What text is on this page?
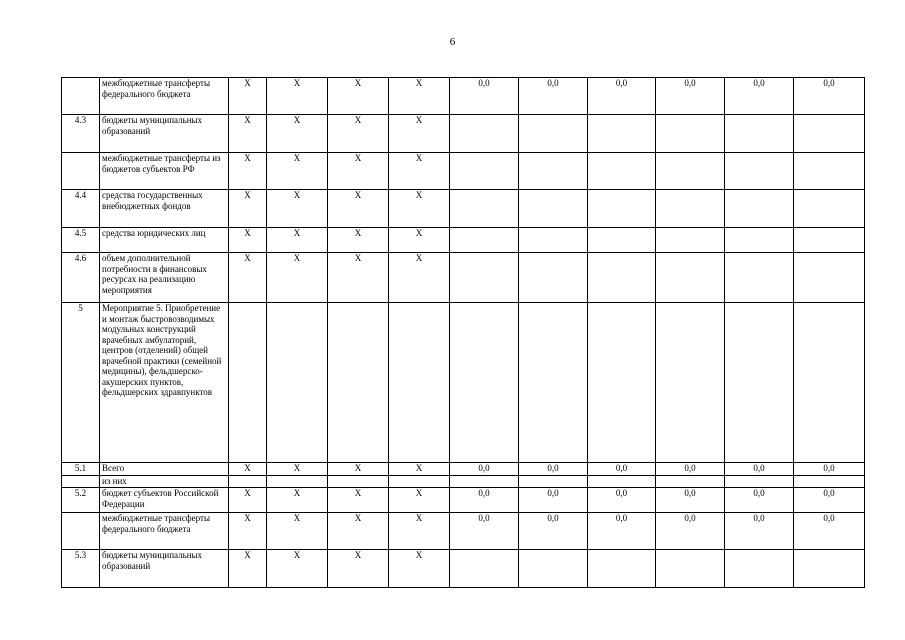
6
	межбюджетные трансферты федерального бюджета	X	X	X	X	0,0	0,0	0,0	0,0	0,0	0,0
4.3	бюджеты муниципальных образований	X	X	X	X						
	межбюджетные трансферты из бюджетов субъектов РФ	X	X	X	X						
4.4	средства государственных внебюджетных фондов	X	X	X	X						
4.5	средства юридических лиц	X	X	X	X						
4.6	объем дополнительной потребности в финансовых ресурсах на реализацию мероприятия	X	X	X	X						
5	Мероприятие 5. Приобретение и монтаж быстровозводимых модульных конструкций врачебных амбулаторий, центров (отделений) общей врачебной практики (семейной медицины), фельдшерско-акушерских пунктов, фельдшерских здравпунктов										
5.1	Всего	X	X	X	X	0,0	0,0	0,0	0,0	0,0	0,0
	из них										
5.2	бюджет субъектов Российской Федерации	X	X	X	X	0,0	0,0	0,0	0,0	0,0	0,0
	межбюджетные трансферты федерального бюджета	X	X	X	X	0,0	0,0	0,0	0,0	0,0	0,0
5.3	бюджеты муниципальных образований	X	X	X	X						
